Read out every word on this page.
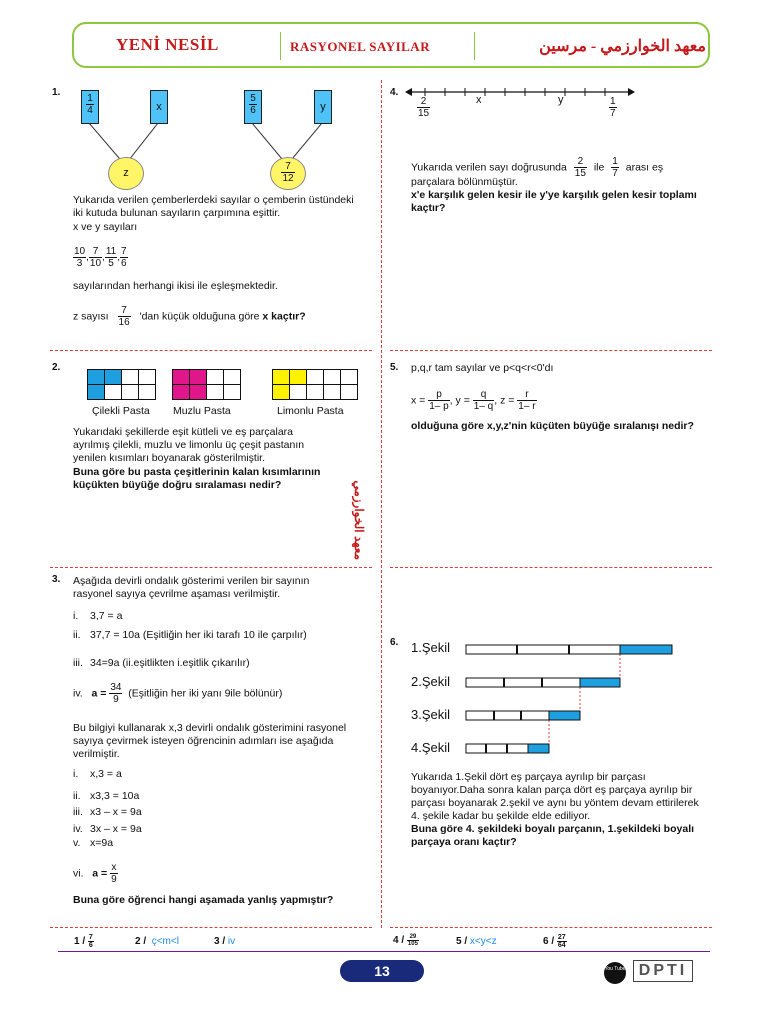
YENİ NESİL	RASYONEL SAYILAR	معهد الخوارزمي - مرسين
معهد الخوارزمي
1.
$\frac{1}{4}$	x	$\frac{5}{6}$	y
z	$\frac{7}{12}$
Yukarıda verilen çemberlerdeki sayılar o çemberin üstündeki iki kutuda bulunan sayıların çarpımına eşittir.
x ve y sayıları
$\frac{10}{3}$ , $\frac{7}{10}$ , $\frac{11}{5}$ , $\frac{7}{6}$
sayılarından herhangi ikisi ile eşleşmektedir.
z sayısı $\frac{7}{16}$ 'dan küçük olduğuna göre x kaçtır?
2.

Çilekli Pasta Muzlu Pasta	Limonlu Pasta
Yukarıdaki şekillerde eşit kütleli ve eş parçalara ayrılmış çilekli, muzlu ve limonlu üç çeşit pastanın yenilen kısımları boyanarak gösterilmiştir.
Buna göre bu pasta çeşitlerinin kalan kısımlarının küçükten büyüğe doğru sıralaması nedir?
3. Aşağıda devirli ondalık gösterimi verilen bir sayının rasyonel sayıya çevrilme aşaması verilmiştir.
i. 3,7 = a
ii. 37,7 = 10a (Eşitliğin her iki tarafı 10 ile çarpılır)
iii. 34=9a (ii.eşitlikten i.eşitlik çıkarılır)
iv. $a = \frac{34}{9}$ (Eşitliğin her iki yanı 9ile bölünür)
Bu bilgiyi kullanarak x,3 devirli ondalık gösterimini rasyonel sayıya çevirmek isteyen öğrencinin adımları ise aşağıda verilmiştir.
i. x,3 = a
ii. x3,3 = 10a
iii. x3 – x = 9a
iv. 3x – x = 9a
v. x=9a
vi. $a = \frac{x}{9}$
Buna göre öğrenci hangi aşamada yanlış yapmıştır?
4.
$\frac{2}{15}$	x	y	$\frac{1}{7}$
Yukarıda verilen sayı doğrusunda $\frac{2}{15}$ ile $\frac{1}{7}$ arası eş
parçalara bölünmüştür.
x'e karşılık gelen kesir ile y'ye karşılık gelen kesir toplamı kaçtır?
5. p,q,r tam sayılar ve p<q<r<0'dı
$x = \frac{p}{1- p}$ , $y = \frac{q}{1- q}$ , $z = \frac{r}{1- r}$
olduğuna göre x,y,z'nin küçüten büyüğe sıralanışı nedir?
6. 1.Şekil
2.Şekil
3.Şekil
4.Şekil
Yukarıda 1.Şekil dört eş parçaya ayrılıp bir parçası boyanıyor.Daha sonra kalan parça dört eş parçaya ayrılıp bir parçası boyanarak 2.şekil ve aynı bu yöntem devam ettirilerek 4. şekile kadar bu şekilde elde ediliyor.
Buna göre 4. şekildeki boyalı parçanın, 1.şekildeki boyalı parçaya oranı kaçtır?
$1 / \frac{7}{6}$	2 / ç<m<l	3 / iv	$4 / \frac{29}{105}$	5 / x<y<z	$6 / \frac{27}{64}$
13	You Tube DPTI
